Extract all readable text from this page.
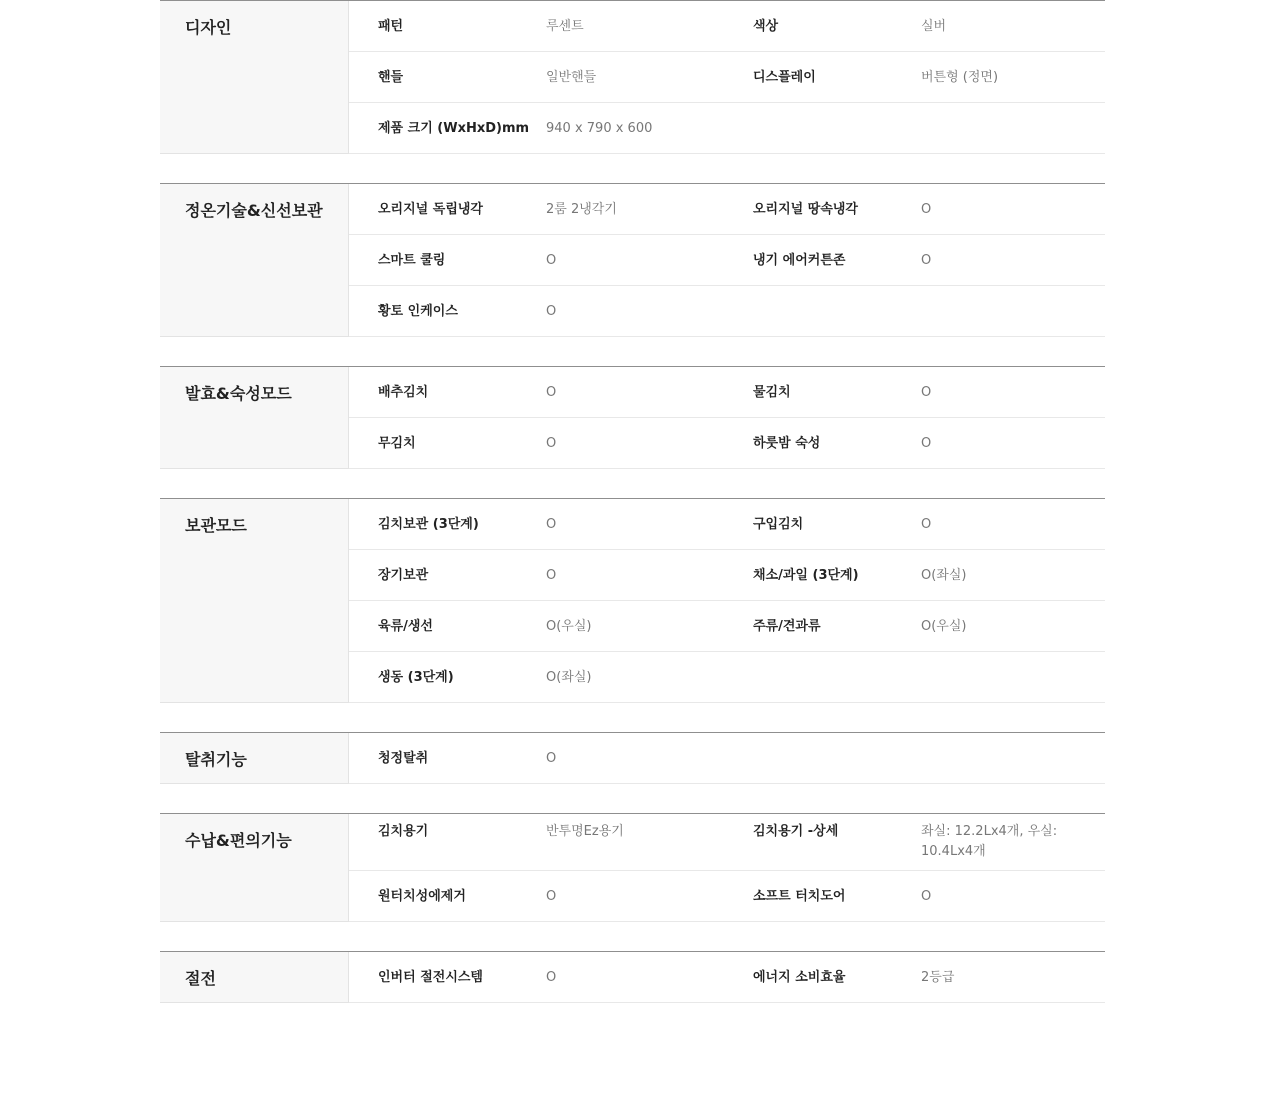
디자인	패턴	루센트	색상	실버
핸들	일반핸들	디스플레이	버튼형 (정면)
제품 크기 (WxHxD)mm	940 x 790 x 600
정온기술&신선보관	오리지널 독립냉각	2룸 2냉각기	오리지널 땅속냉각	O
스마트 쿨링	O	냉기 에어커튼존	O
황토 인케이스	O
발효&숙성모드	배추김치	O	물김치	O
무김치	O	하룻밤 숙성	O
보관모드	김치보관 (3단계)	O	구입김치	O
장기보관	O	채소/과일 (3단계)	O(좌실)
육류/생선	O(우실)	주류/견과류	O(우실)
생동 (3단계)	O(좌실)
탈취기능	청정탈취	O
수납&편의기능	김치용기	반투명Ez용기	김치용기 -상세	좌실: 12.2Lx4개, 우실: 10.4Lx4개
원터치성에제거	O	소프트 터치도어	O
절전	인버터 절전시스템	O	에너지 소비효율	2등급
